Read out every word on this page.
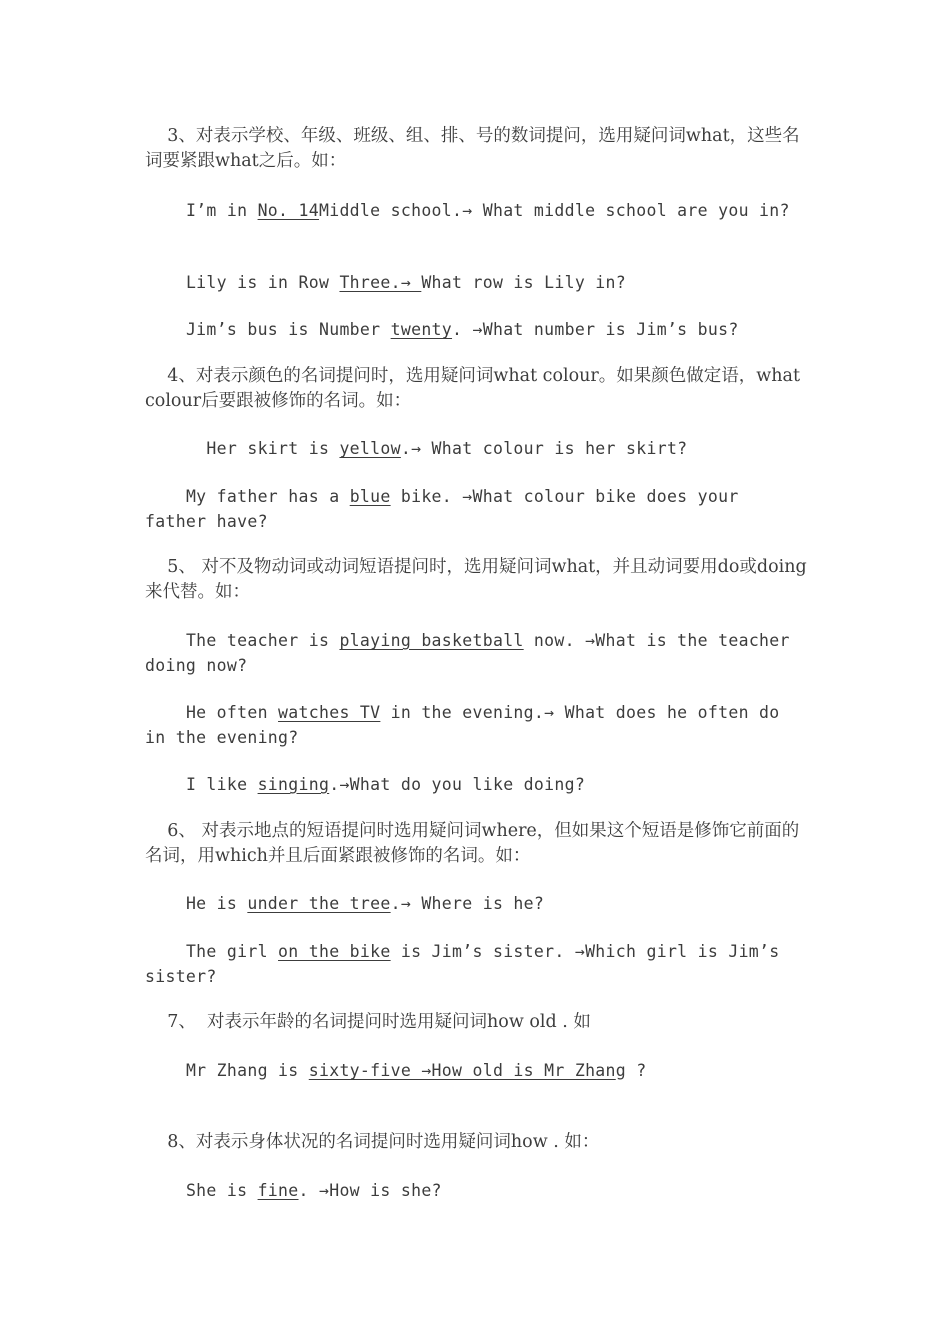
3、对表示学校、年级、班级、组、排、号的数词提问，选用疑问词what，这些名词要紧跟what之后。如：

I’m in No. 14Middle school.→ What middle school are you in?

Lily is in Row Three.→ What row is Lily in?

Jim’s bus is Number twenty. →What number is Jim’s bus?

4、对表示颜色的名词提问时，选用疑问词what colour。如果颜色做定语，what colour后要跟被修饰的名词。如：

Her skirt is yellow.→ What colour is her skirt?

My father has a blue bike. →What colour bike does your father have?

5、 对不及物动词或动词短语提问时，选用疑问词what，并且动词要用do或doing来代替。如：

The teacher is playing basketball now. →What is the teacher doing now?

He often watches TV in the evening.→ What does he often do in the evening?

I like singing.→What do you like doing?

6、 对表示地点的短语提问时选用疑问词where，但如果这个短语是修饰它前面的名词，用which并且后面紧跟被修饰的名词。如：

He is under the tree.→ Where is he?

The girl on the bike is Jim’s sister. →Which girl is Jim’s sister?

7、  对表示年龄的名词提问时选用疑问词how old . 如

Mr Zhang is sixty-five →How old is Mr Zhang ?

8、对表示身体状况的名词提问时选用疑问词how . 如：

She is fine. →How is she?
